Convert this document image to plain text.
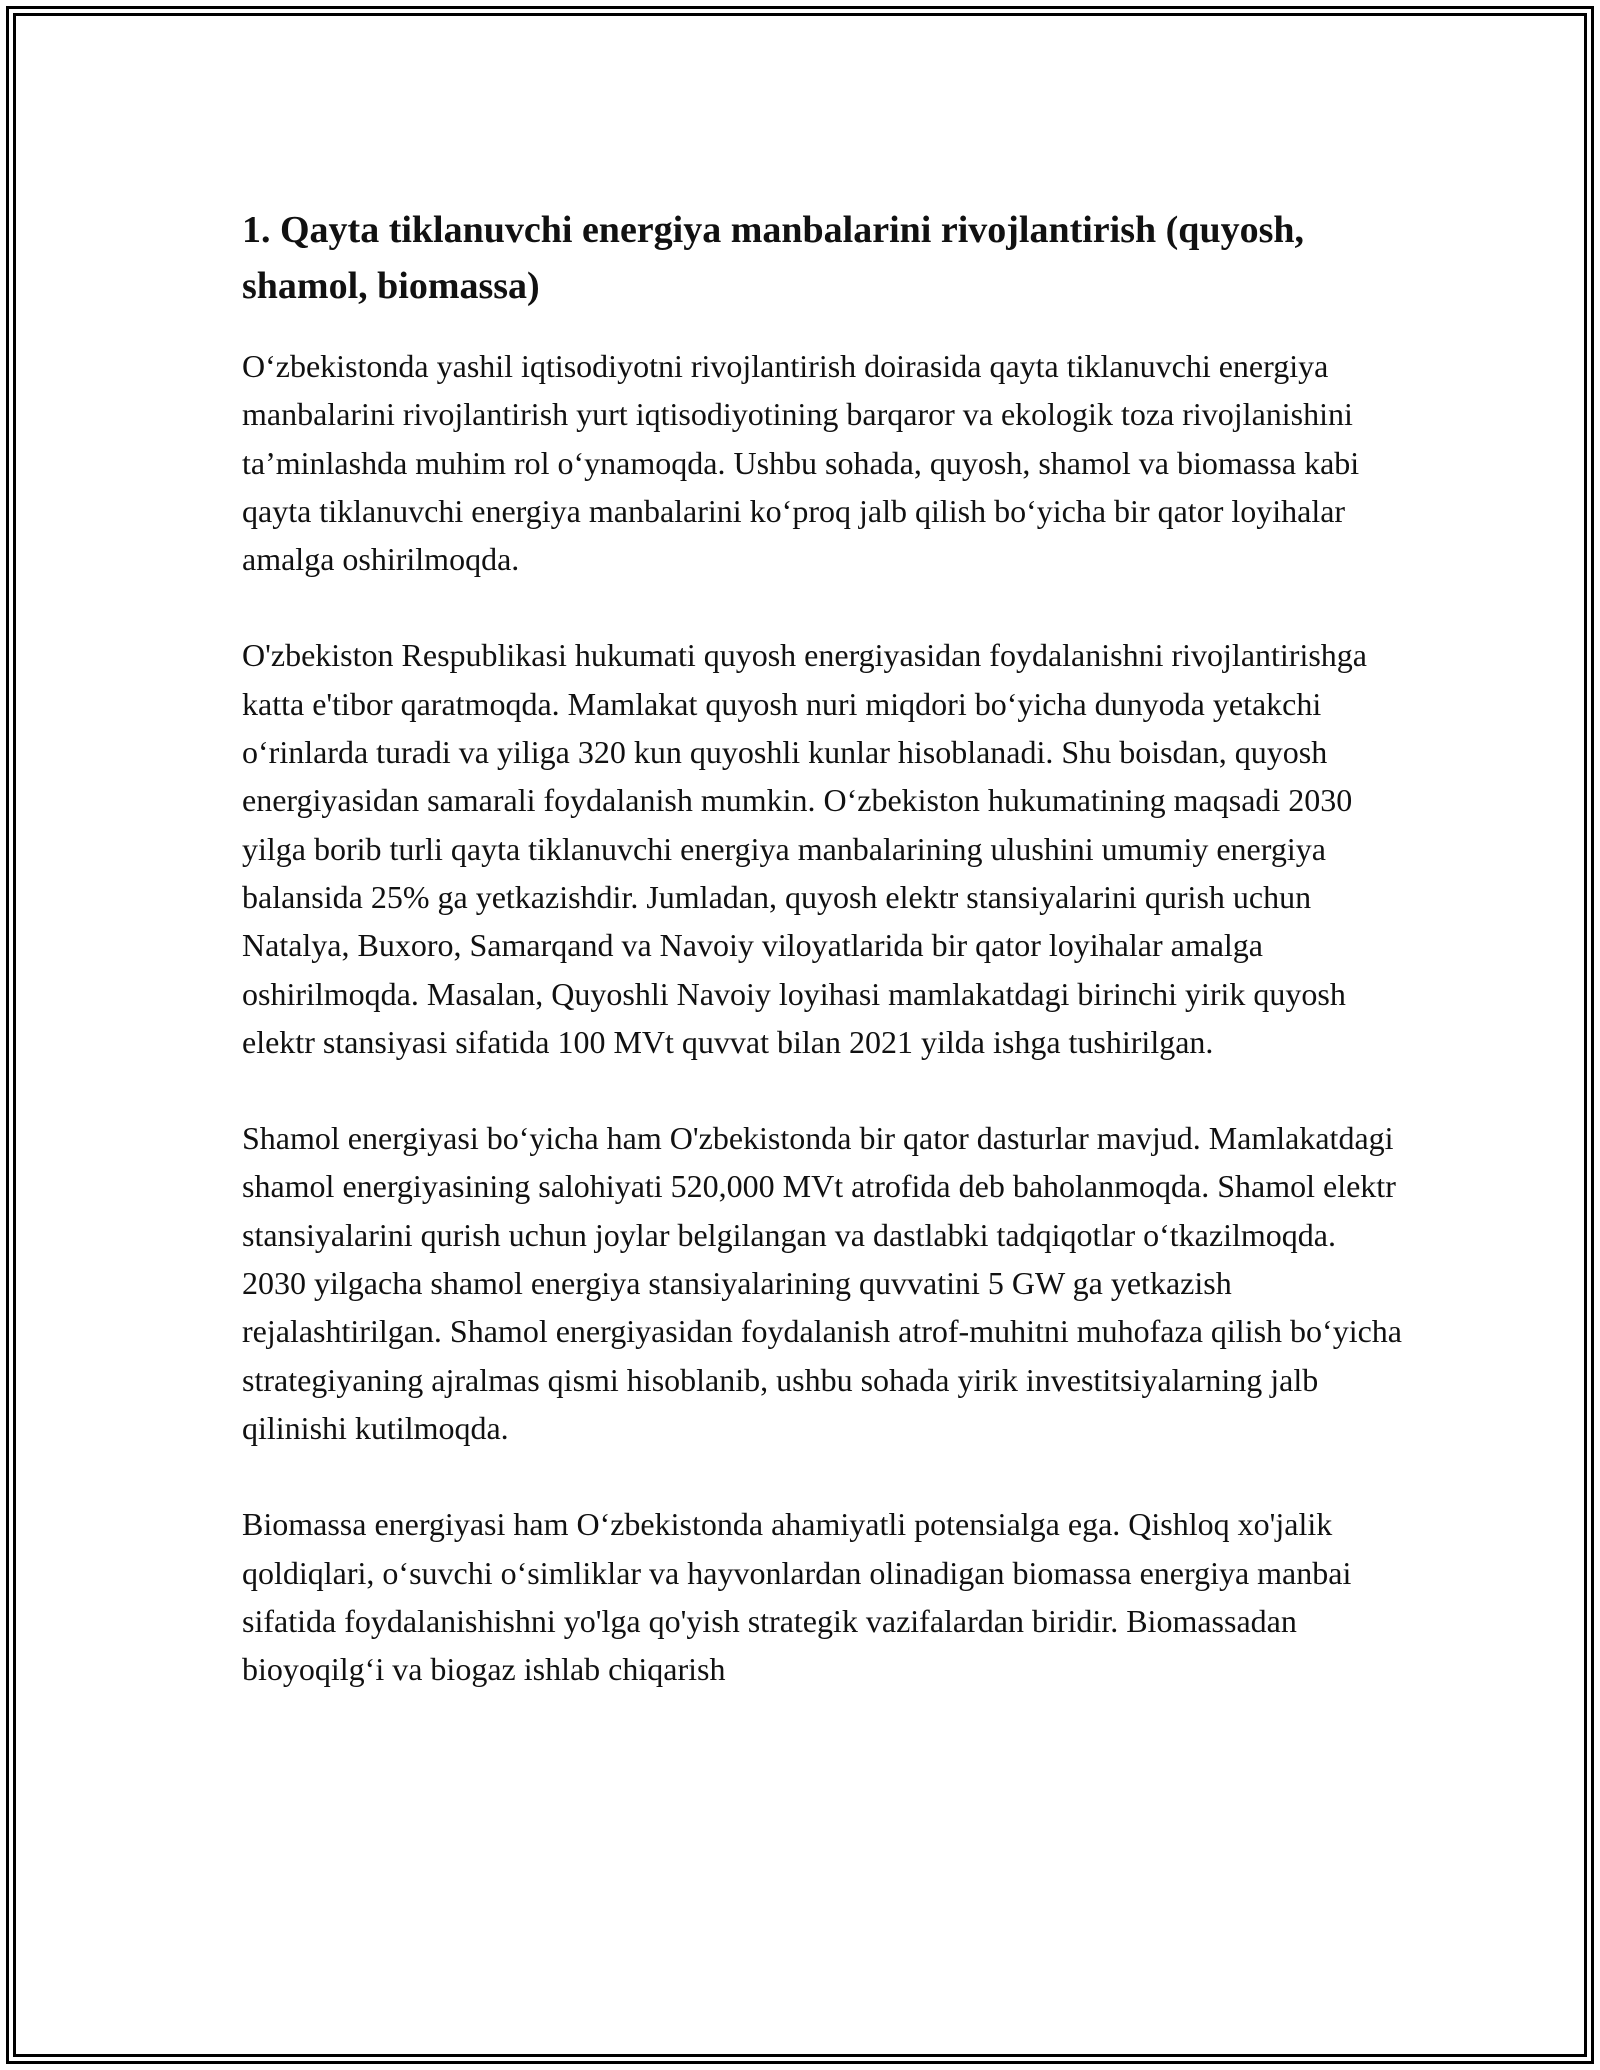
1. Qayta tiklanuvchi energiya manbalarini rivojlantirish (quyosh, shamol, biomassa)

O‘zbekistonda yashil iqtisodiyotni rivojlantirish doirasida qayta tiklanuvchi energiya manbalarini rivojlantirish yurt iqtisodiyotining barqaror va ekologik toza rivojlanishini ta’minlashda muhim rol o‘ynamoqda. Ushbu sohada, quyosh, shamol va biomassa kabi qayta tiklanuvchi energiya manbalarini ko‘proq jalb qilish bo‘yicha bir qator loyihalar amalga oshirilmoqda.

O'zbekiston Respublikasi hukumati quyosh energiyasidan foydalanishni rivojlantirishga katta e'tibor qaratmoqda. Mamlakat quyosh nuri miqdori bo‘yicha dunyoda yetakchi o‘rinlarda turadi va yiliga 320 kun quyoshli kunlar hisoblanadi. Shu boisdan, quyosh energiyasidan samarali foydalanish mumkin. O‘zbekiston hukumatining maqsadi 2030 yilga borib turli qayta tiklanuvchi energiya manbalarining ulushini umumiy energiya balansida 25% ga yetkazishdir. Jumladan, quyosh elektr stansiyalarini qurish uchun Natalya, Buxoro, Samarqand va Navoiy viloyatlarida bir qator loyihalar amalga oshirilmoqda. Masalan, Quyoshli Navoiy loyihasi mamlakatdagi birinchi yirik quyosh elektr stansiyasi sifatida 100 MVt quvvat bilan 2021 yilda ishga tushirilgan.

Shamol energiyasi bo‘yicha ham O'zbekistonda bir qator dasturlar mavjud. Mamlakatdagi shamol energiyasining salohiyati 520,000 MVt atrofida deb baholanmoqda. Shamol elektr stansiyalarini qurish uchun joylar belgilangan va dastlabki tadqiqotlar o‘tkazilmoqda. 2030 yilgacha shamol energiya stansiyalarining quvvatini 5 GW ga yetkazish rejalashtirilgan. Shamol energiyasidan foydalanish atrof-muhitni muhofaza qilish bo‘yicha strategiyaning ajralmas qismi hisoblanib, ushbu sohada yirik investitsiyalarning jalb qilinishi kutilmoqda.

Biomassa energiyasi ham O‘zbekistonda ahamiyatli potensialga ega. Qishloq xo'jalik qoldiqlari, o‘suvchi o‘simliklar va hayvonlardan olinadigan biomassa energiya manbai sifatida foydalanishishni yo'lga qo'yish strategik vazifalardan biridir. Biomassadan bioyoqilg‘i va biogaz ishlab chiqarish
